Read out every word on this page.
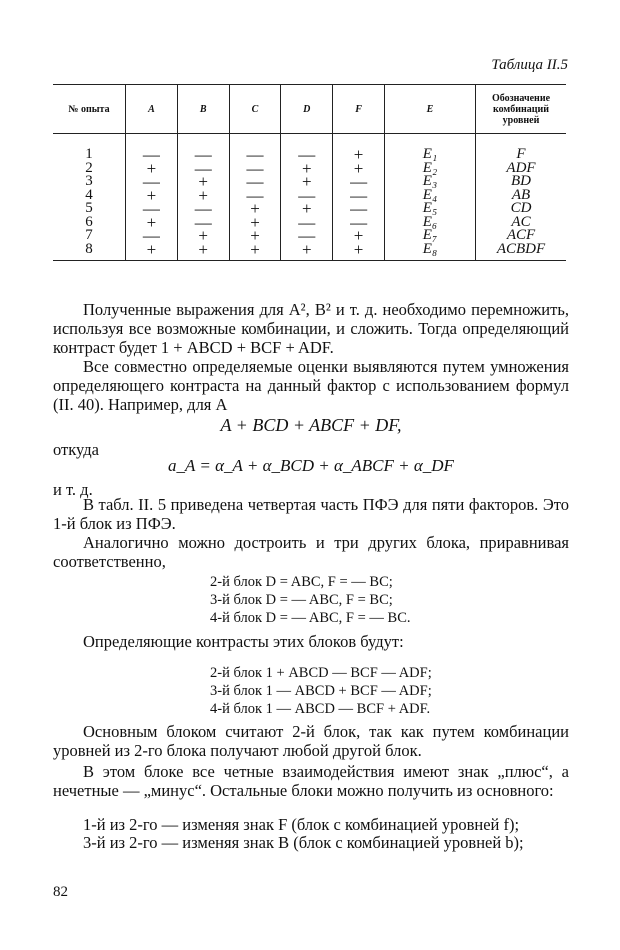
Таблица II.5
№ опыта	A	B	C	D	F	E	Обозначение комбинаций уровней

1	—	—	—	—	+	E₁	F
2	+	—	—	+	+	E₂	ADF
3	—	+	—	+	—	E₃	BD
4	+	+	—	—	—	E₄	AB
5	—	—	+	+	—	E₅	CD
6	+	—	+	—	—	E₆	AC
7	—	+	+	—	+	E₇	ACF
8	+	+	+	+	+	E₈	ACBDF
Полученные выражения для A², B² и т. д. необходимо перемножить, используя все возможные комбинации, и сложить. Тогда определяющий контраст будет 1 + ABCD + BCF + ADF.
Все совместно определяемые оценки выявляются путем умножения определяющего контраста на данный фактор с использованием формул (II. 40). Например, для A
A + BCD + ABCF + DF,
откуда
a_A = α_A + α_BCD + α_ABCF + α_DF
и т. д.
В табл. II. 5 приведена четвертая часть ПФЭ для пяти факторов. Это 1-й блок из ПФЭ.
Аналогично можно достроить и три других блока, приравнивая соответственно,
2-й блок D = ABC, F = — BC;
3-й блок D = — ABC, F = BC;
4-й блок D = — ABC, F = — BC.
Определяющие контрасты этих блоков будут:
2-й блок 1 + ABCD — BCF — ADF;
3-й блок 1 — ABCD + BCF — ADF;
4-й блок 1 — ABCD — BCF + ADF.
Основным блоком считают 2-й блок, так как путем комбинации уровней из 2-го блока получают любой другой блок.
В этом блоке все четные взаимодействия имеют знак „плюс“, а нечетные — „минус“. Остальные блоки можно получить из основного:
1-й из 2-го — изменяя знак F (блок с комбинацией уровней f);
3-й из 2-го — изменяя знак B (блок с комбинацией уровней b);
82
